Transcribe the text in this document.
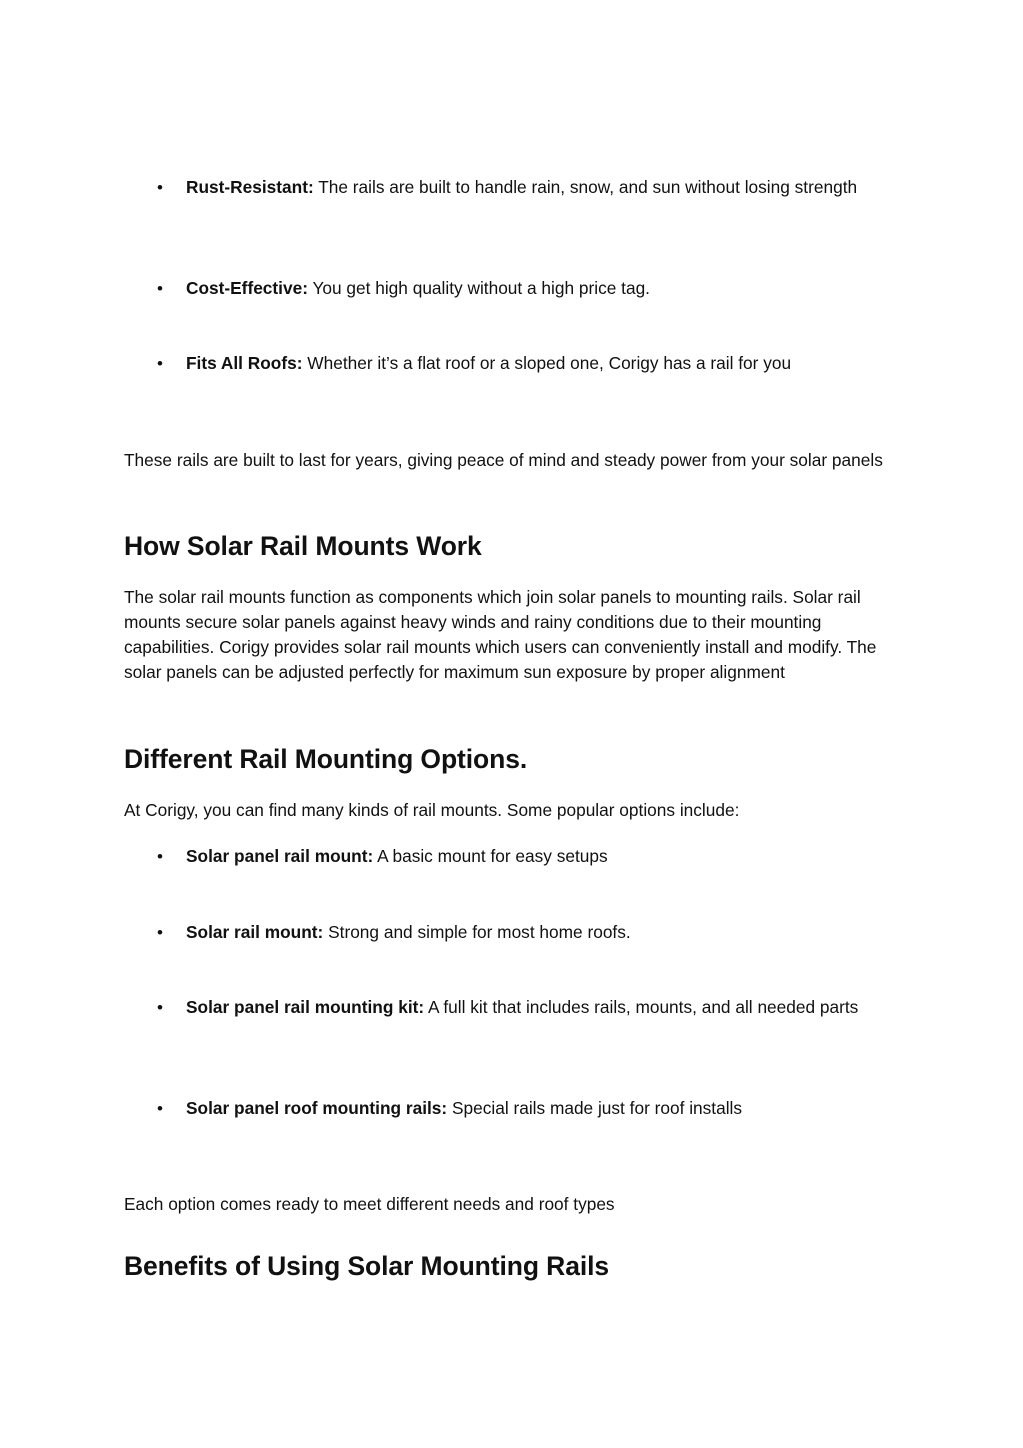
• Rust-Resistant: The rails are built to handle rain, snow, and sun without losing strength
• Cost-Effective: You get high quality without a high price tag.
• Fits All Roofs: Whether it’s a flat roof or a sloped one, Corigy has a rail for you
These rails are built to last for years, giving peace of mind and steady power from your solar panels
How Solar Rail Mounts Work
The solar rail mounts function as components which join solar panels to mounting rails. Solar rail mounts secure solar panels against heavy winds and rainy conditions due to their mounting capabilities. Corigy provides solar rail mounts which users can conveniently install and modify. The solar panels can be adjusted perfectly for maximum sun exposure by proper alignment
Different Rail Mounting Options.
At Corigy, you can find many kinds of rail mounts. Some popular options include:
• Solar panel rail mount: A basic mount for easy setups
• Solar rail mount: Strong and simple for most home roofs.
• Solar panel rail mounting kit: A full kit that includes rails, mounts, and all needed parts
• Solar panel roof mounting rails: Special rails made just for roof installs
Each option comes ready to meet different needs and roof types
Benefits of Using Solar Mounting Rails
